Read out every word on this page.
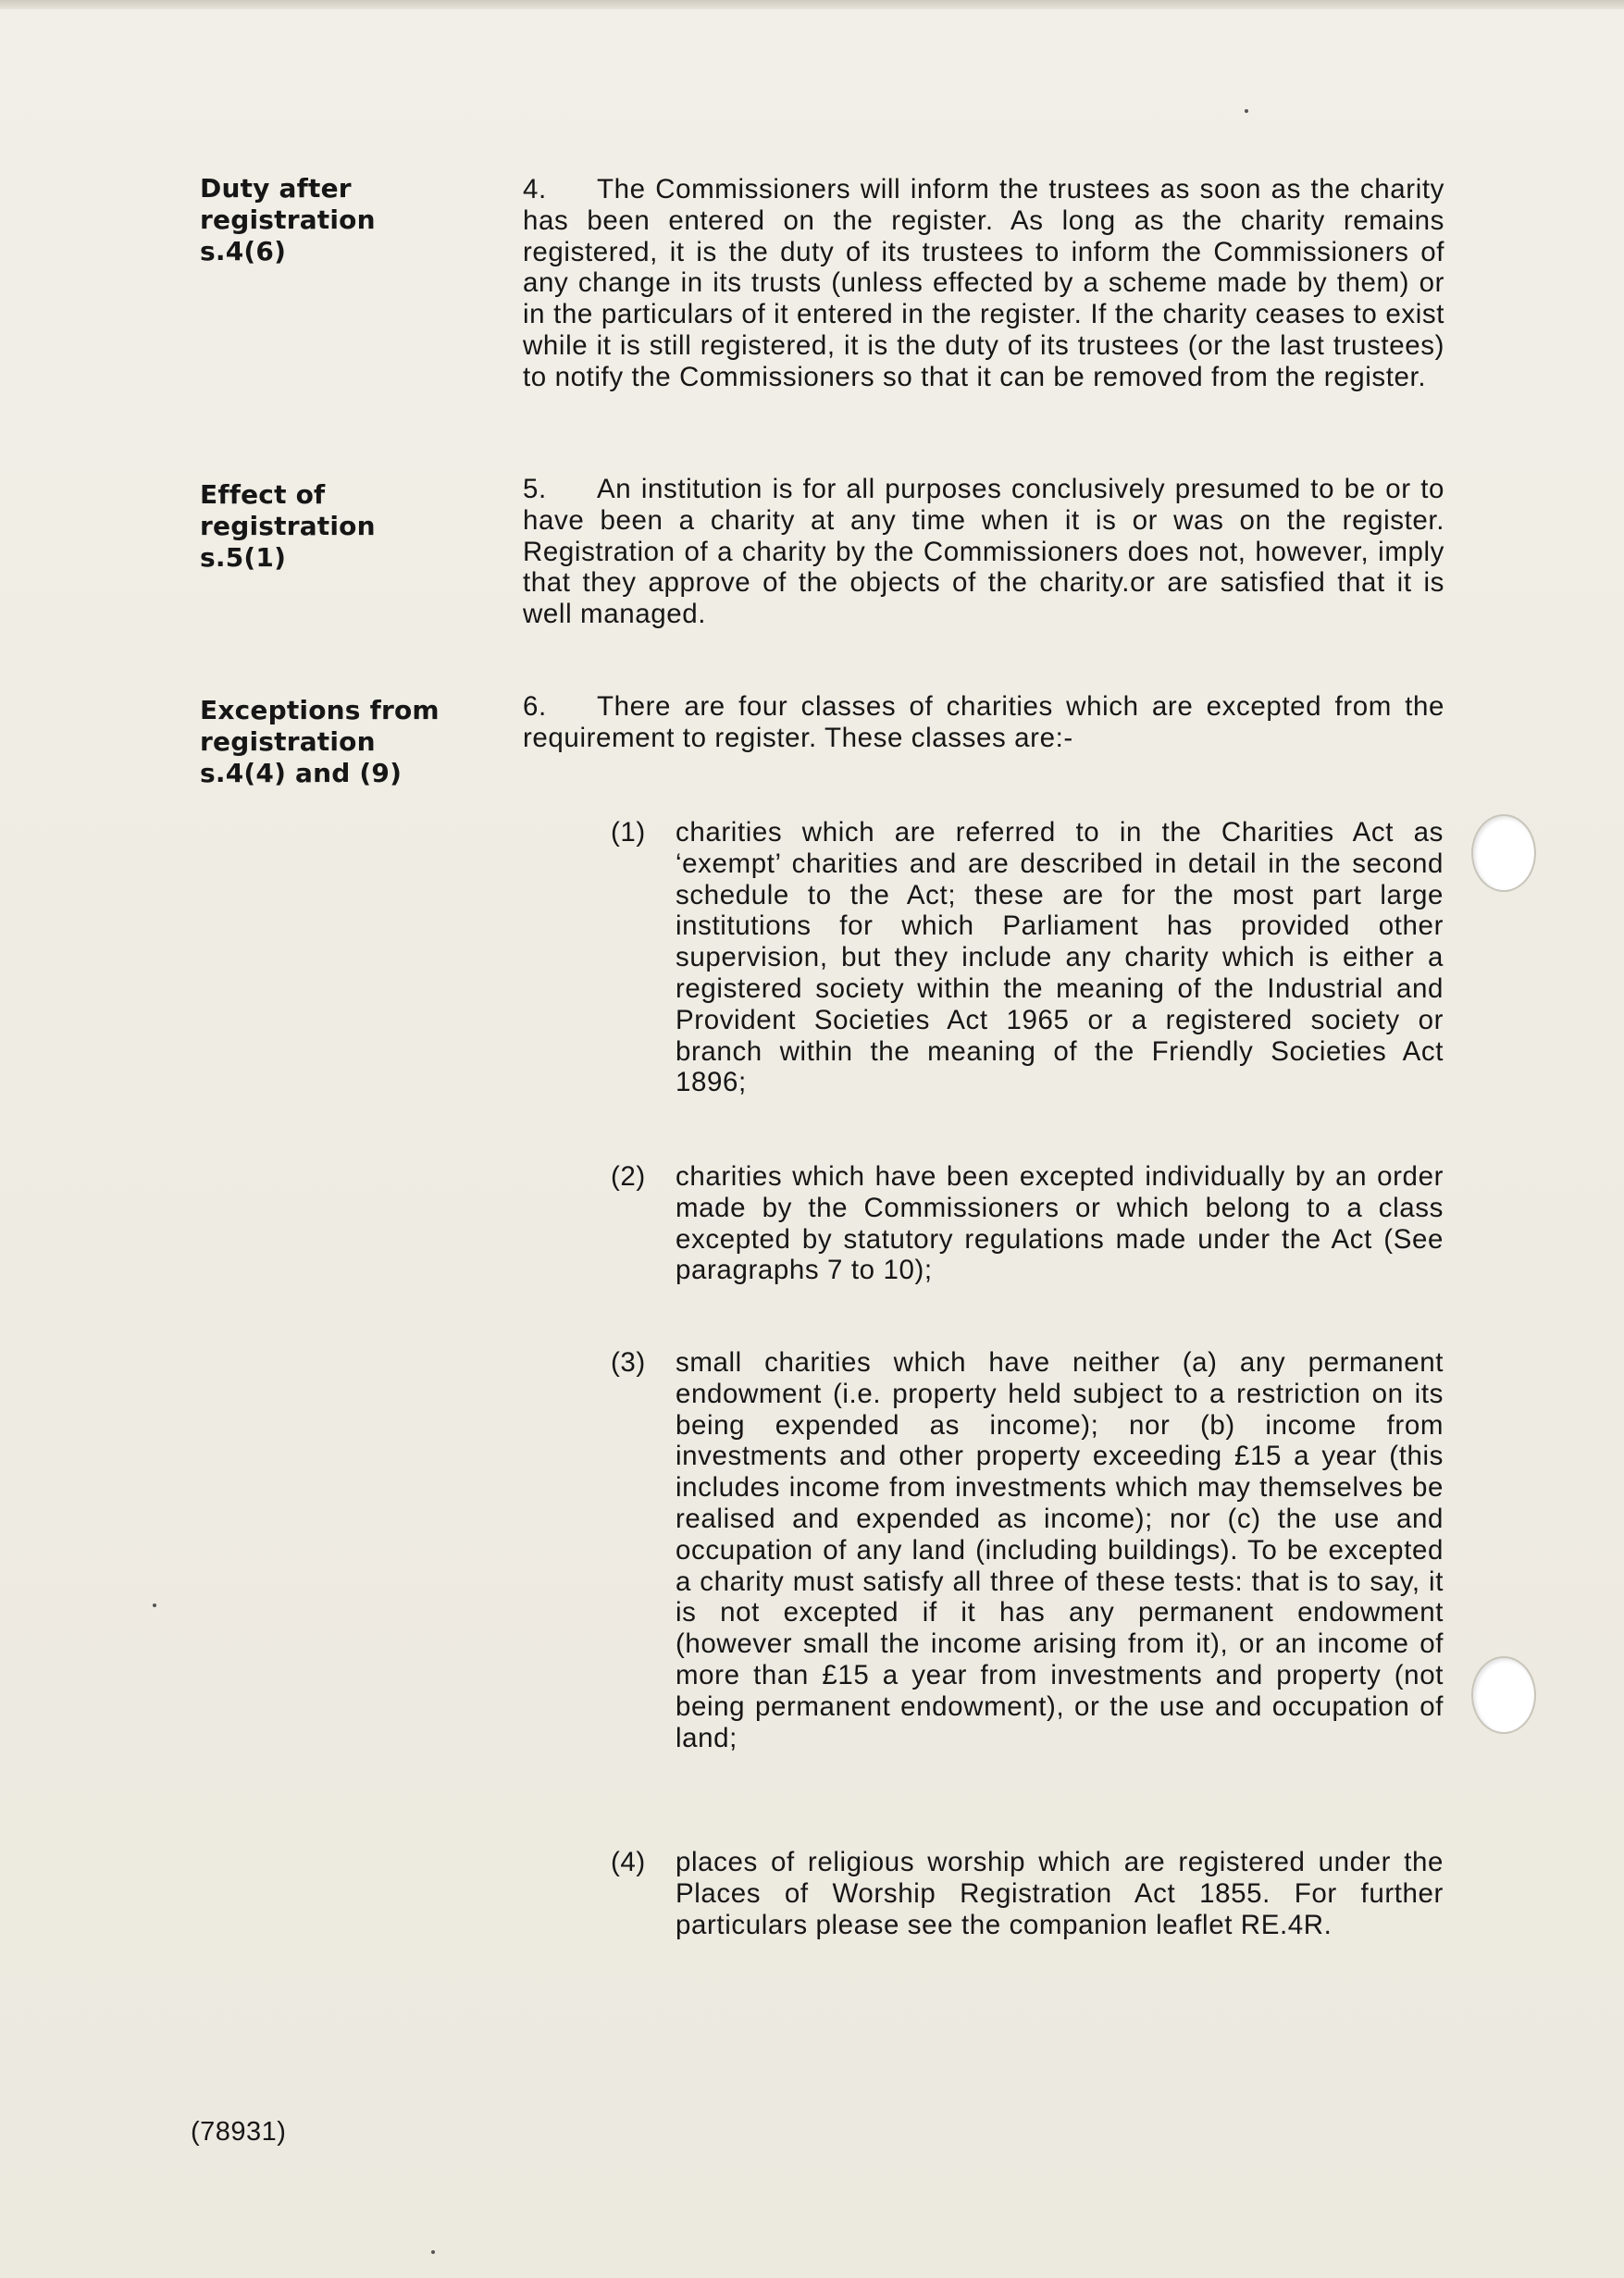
Duty after
registration
s.4(6)
4. The Commissioners will inform the trustees as soon as the charity has been entered on the register. As long as the charity remains registered, it is the duty of its trustees to inform the Commissioners of any change in its trusts (unless effected by a scheme made by them) or in the particulars of it entered in the register. If the charity ceases to exist while it is still registered, it is the duty of its trustees (or the last trustees) to notify the Commissioners so that it can be removed from the register.
Effect of
registration
s.5(1)
5. An institution is for all purposes conclusively presumed to be or to have been a charity at any time when it is or was on the register. Registration of a charity by the Commissioners does not, however, imply that they approve of the objects of the charity.or are satisfied that it is well managed.
Exceptions from
registration
s.4(4) and (9)
6. There are four classes of charities which are excepted from the requirement to register. These classes are:-
(1) charities which are referred to in the Charities Act as ‘exempt’ charities and are described in detail in the second schedule to the Act; these are for the most part large institutions for which Parliament has provided other supervision, but they include any charity which is either a registered society within the meaning of the Industrial and Provident Societies Act 1965 or a registered society or branch within the meaning of the Friendly Societies Act 1896;
(2) charities which have been excepted individually by an order made by the Commissioners or which belong to a class excepted by statutory regulations made under the Act (See paragraphs 7 to 10);
(3) small charities which have neither (a) any permanent endowment (i.e. property held subject to a restriction on its being expended as income); nor (b) income from investments and other property exceeding £15 a year (this includes income from investments which may themselves be realised and expended as income); nor (c) the use and occupation of any land (including buildings). To be excepted a charity must satisfy all three of these tests: that is to say, it is not excepted if it has any permanent endowment (however small the income arising from it), or an income of more than £15 a year from investments and property (not being permanent endowment), or the use and occupation of land;
(4) places of religious worship which are registered under the Places of Worship Registration Act 1855. For further particulars please see the companion leaflet RE.4R.
(78931)
